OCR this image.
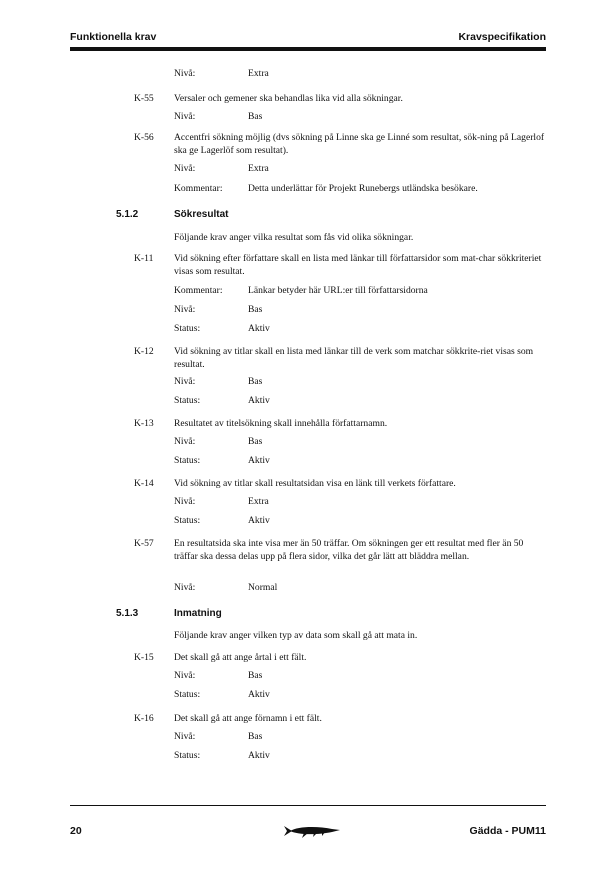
Funktionella krav	Kravspecifikation
Nivå:	Extra
K-55 Versaler och gemener ska behandlas lika vid alla sökningar.
Nivå:	Bas
K-56 Accentfri sökning möjlig (dvs sökning på Linne ska ge Linné som resultat, sök-ning på Lagerlof ska ge Lagerlöf som resultat).
Nivå:	Extra
Kommentar:	Detta underlättar för Projekt Runebergs utländska besökare.
5.1.2	Sökresultat
Följande krav anger vilka resultat som fås vid olika sökningar.
K-11 Vid sökning efter författare skall en lista med länkar till författarsidor som mat-char sökkriteriet visas som resultat.
Kommentar:	Länkar betyder här URL:er till författarsidorna
Nivå:	Bas
Status:	Aktiv
K-12 Vid sökning av titlar skall en lista med länkar till de verk som matchar sökkrite-riet visas som resultat.
Nivå:	Bas
Status:	Aktiv
K-13 Resultatet av titelsökning skall innehålla författarnamn.
Nivå:	Bas
Status:	Aktiv
K-14 Vid sökning av titlar skall resultatsidan visa en länk till verkets författare.
Nivå:	Extra
Status:	Aktiv
K-57 En resultatsida ska inte visa mer än 50 träffar. Om sökningen ger ett resultat med fler än 50 träffar ska dessa delas upp på flera sidor, vilka det går lätt att bläddra mellan.
Nivå:	Normal
5.1.3	Inmatning
Följande krav anger vilken typ av data som skall gå att mata in.
K-15 Det skall gå att ange årtal i ett fält.
Nivå:	Bas
Status:	Aktiv
K-16 Det skall gå att ange förnamn i ett fält.
Nivå:	Bas
Status:	Aktiv
20	Gädda - PUM11
